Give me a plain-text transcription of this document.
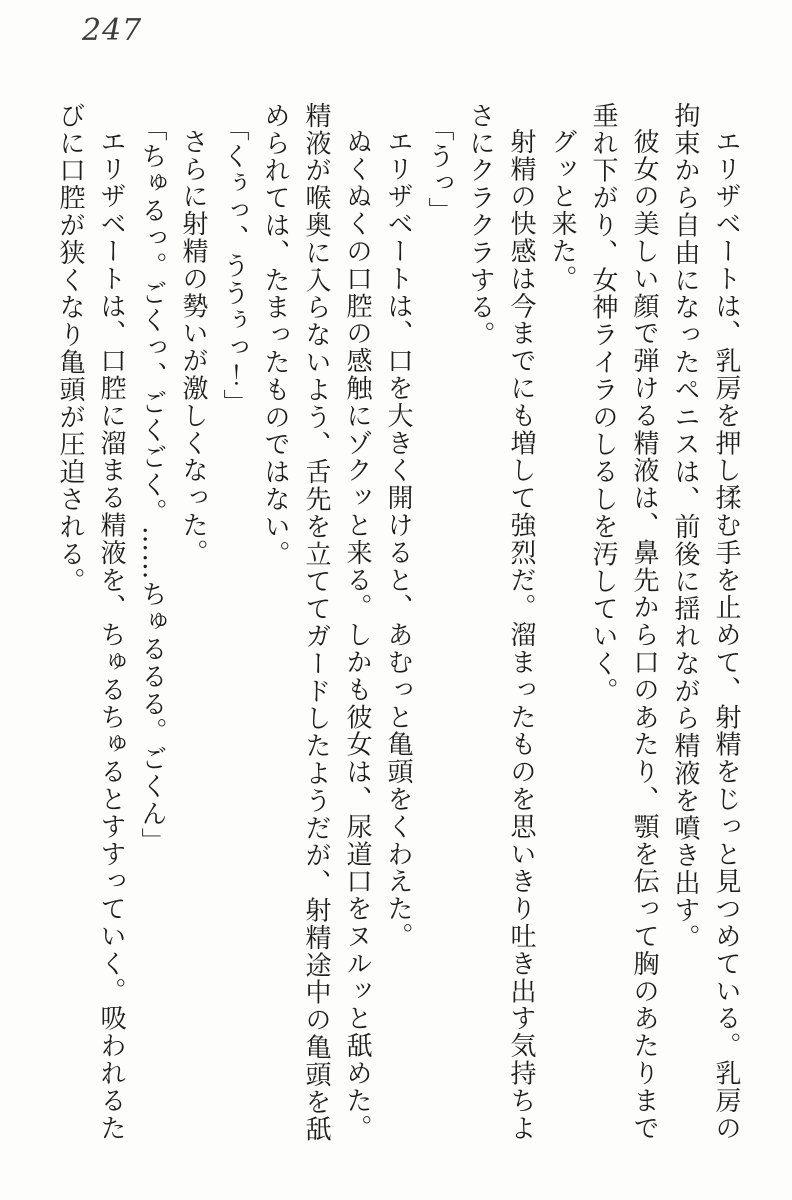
247

エリザベートは、乳房を押し揉む手を止めて、射精をじっと見つめている。乳房の拘束から自由になったペニスは、前後に揺れながら精液を噴き出す。

彼女の美しい顔で弾ける精液は、鼻先から口のあたり、顎を伝って胸のあたりまで垂れ下がり、女神ライラのしるしを汚していく。

グッと来た。

射精の快感は今までにも増して強烈だ。溜まったものを思いきり吐き出す気持ちよさにクラクラする。

「うっ」

エリザベートは、口を大きく開けると、あむっと亀頭をくわえた。

ぬくぬくの口腔の感触にゾクッと来る。しかも彼女は、尿道口をヌルッと舐めた。精液が喉奥に入らないよう、舌先を立ててガードしたようだが、射精途中の亀頭を舐められては、たまったものではない。

「くぅっ、ううぅっ！」

さらに射精の勢いが激しくなった。

「ちゅるっ。ごくっ、ごくごく。……ちゅるるる。ごくん」

エリザベートは、口腔に溜まる精液を、ちゅるちゅるとすすっていく。吸われるたびに口腔が狭くなり亀頭が圧迫される。
